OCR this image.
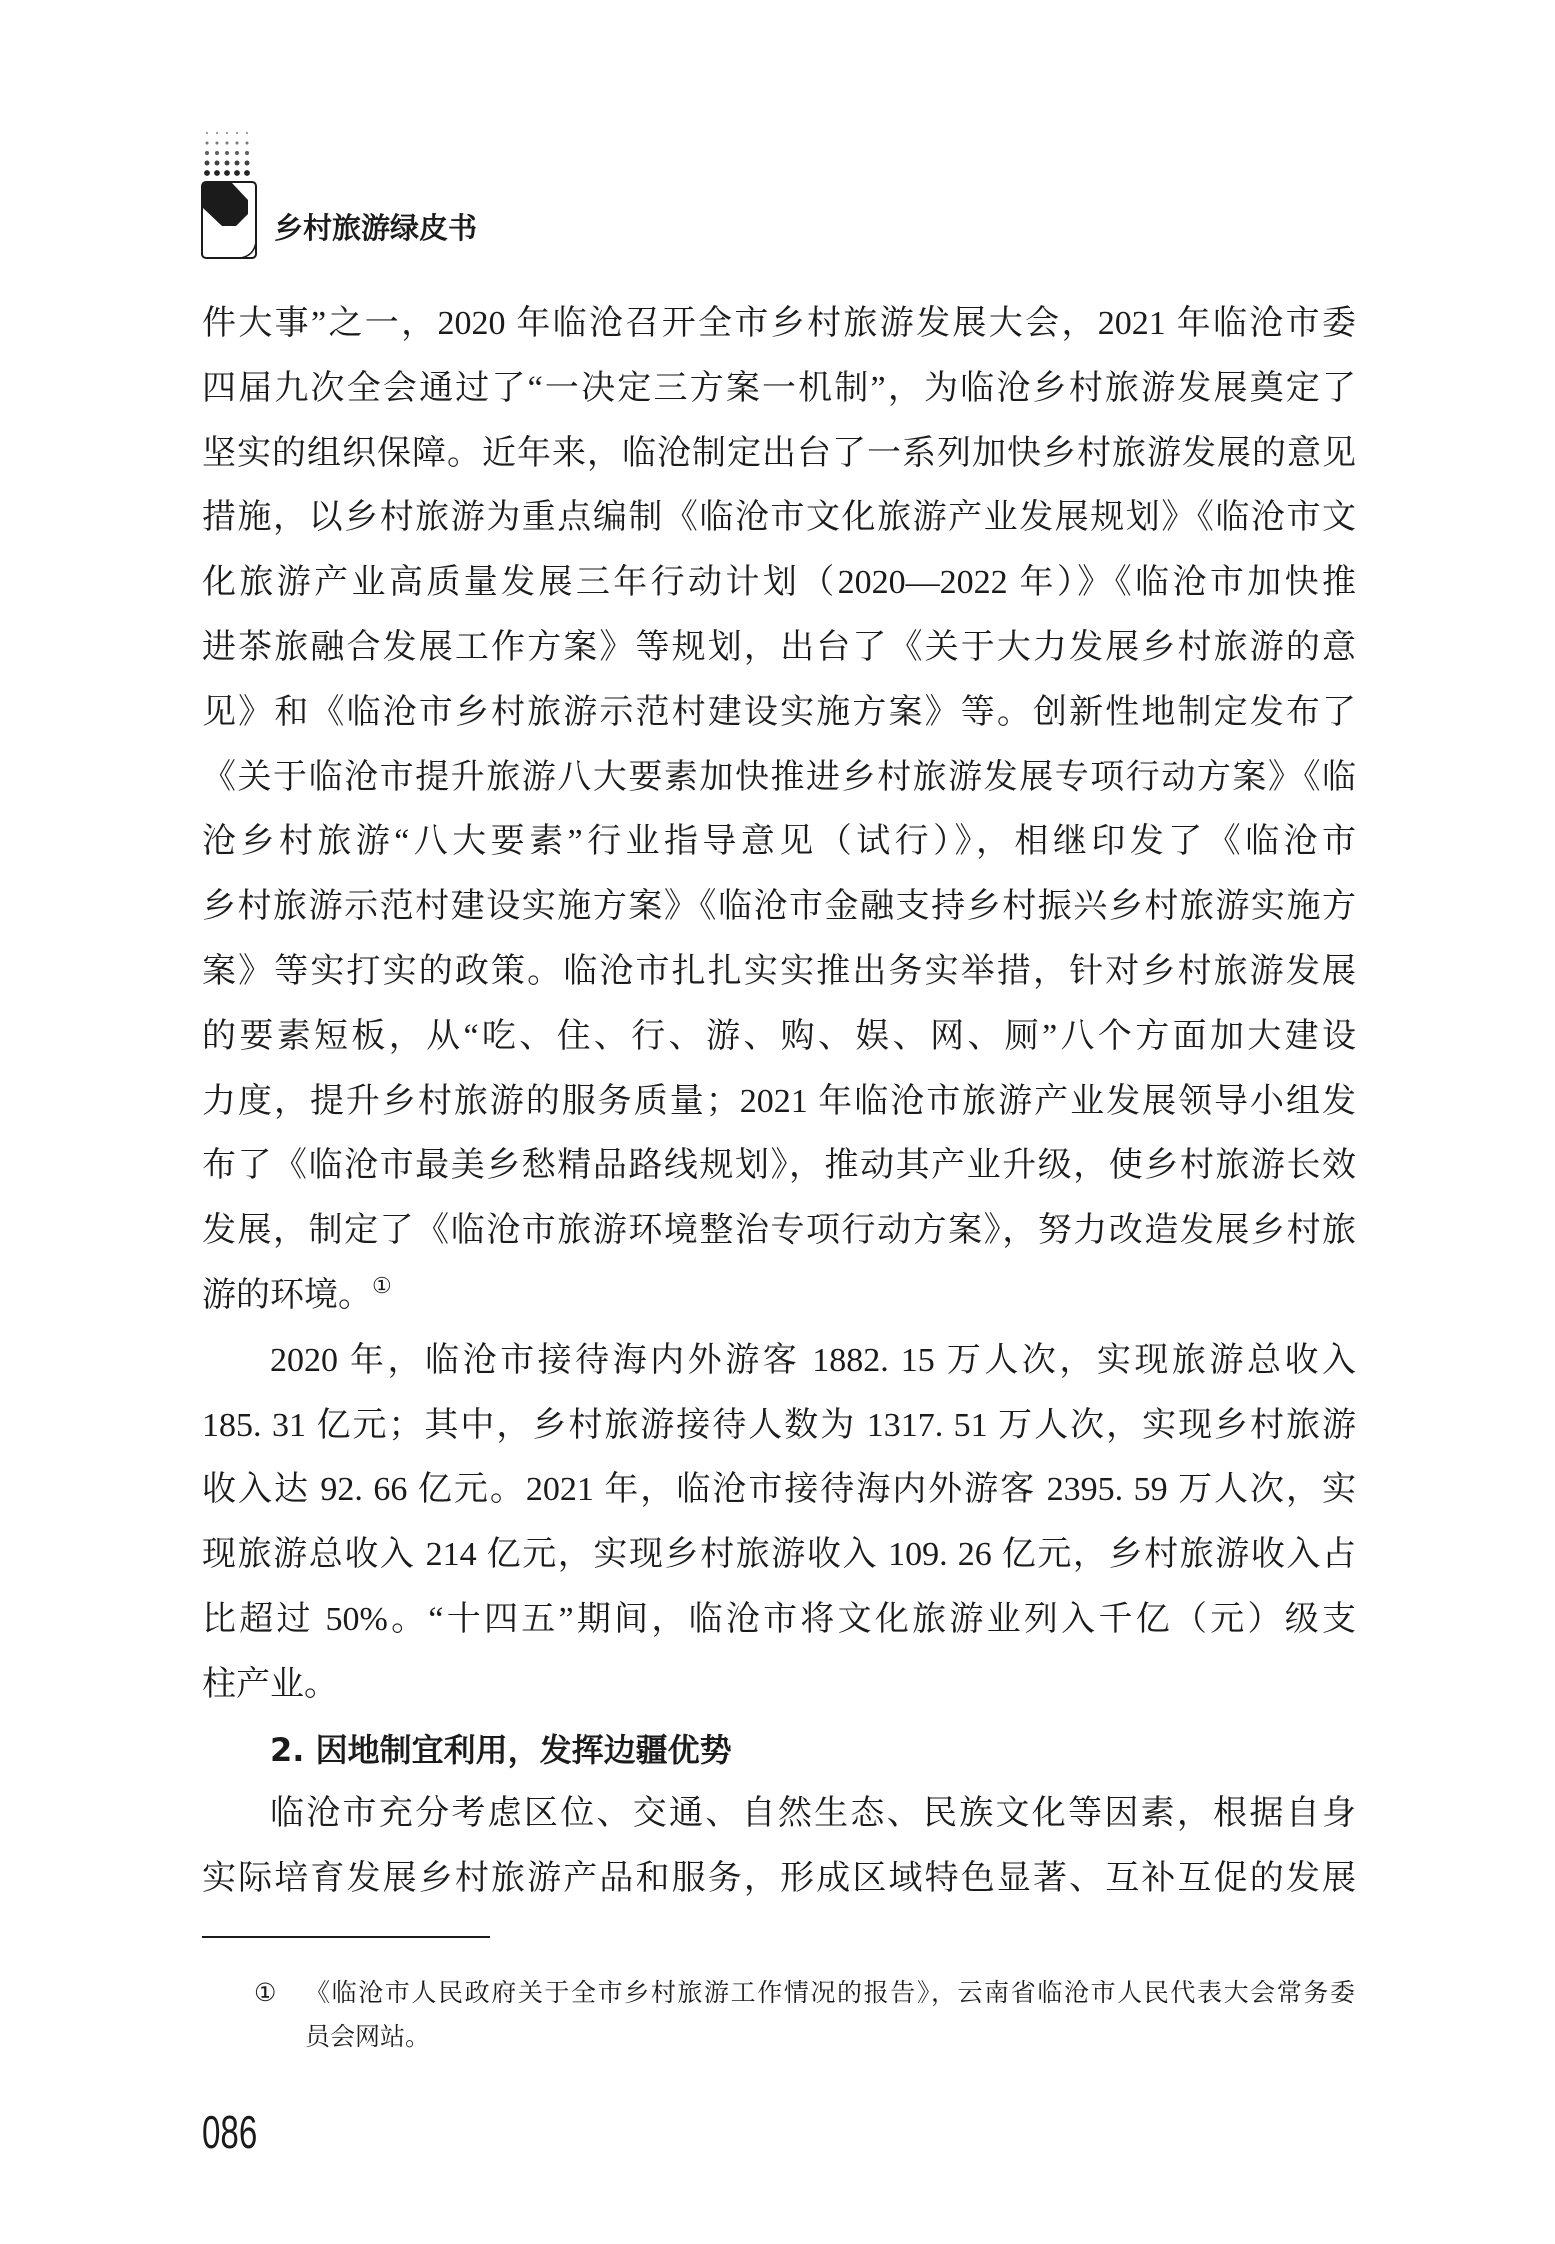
乡村旅游绿皮书
件大事”之一，2020 年临沧召开全市乡村旅游发展大会，2021 年临沧市委
四届九次全会通过了“一决定三方案一机制”，为临沧乡村旅游发展奠定了
坚实的组织保障。近年来，临沧制定出台了一系列加快乡村旅游发展的意见
措施，以乡村旅游为重点编制《临沧市文化旅游产业发展规划》《临沧市文
化旅游产业高质量发展三年行动计划（2020—2022 年）》《临沧市加快推
进茶旅融合发展工作方案》等规划，出台了《关于大力发展乡村旅游的意
见》和《临沧市乡村旅游示范村建设实施方案》等。创新性地制定发布了
《关于临沧市提升旅游八大要素加快推进乡村旅游发展专项行动方案》《临
沧乡村旅游“八大要素”行业指导意见（试行）》，相继印发了《临沧市
乡村旅游示范村建设实施方案》《临沧市金融支持乡村振兴乡村旅游实施方
案》等实打实的政策。临沧市扎扎实实推出务实举措，针对乡村旅游发展
的要素短板，从“吃、住、行、游、购、娱、网、厕”八个方面加大建设
力度，提升乡村旅游的服务质量；2021 年临沧市旅游产业发展领导小组发
布了《临沧市最美乡愁精品路线规划》，推动其产业升级，使乡村旅游长效
发展，制定了《临沧市旅游环境整治专项行动方案》，努力改造发展乡村旅
游的环境。①
2020 年，临沧市接待海内外游客 1882. 15 万人次，实现旅游总收入
185. 31 亿元；其中，乡村旅游接待人数为 1317. 51 万人次，实现乡村旅游
收入达 92. 66 亿元。2021 年，临沧市接待海内外游客 2395. 59 万人次，实
现旅游总收入 214 亿元，实现乡村旅游收入 109. 26 亿元，乡村旅游收入占
比超过 50%。“十四五”期间，临沧市将文化旅游业列入千亿（元）级支
柱产业。
2. 因地制宜利用，发挥边疆优势
临沧市充分考虑区位、交通、自然生态、民族文化等因素，根据自身
实际培育发展乡村旅游产品和服务，形成区域特色显著、互补互促的发展
① 《临沧市人民政府关于全市乡村旅游工作情况的报告》，云南省临沧市人民代表大会常务委
员会网站。
086
